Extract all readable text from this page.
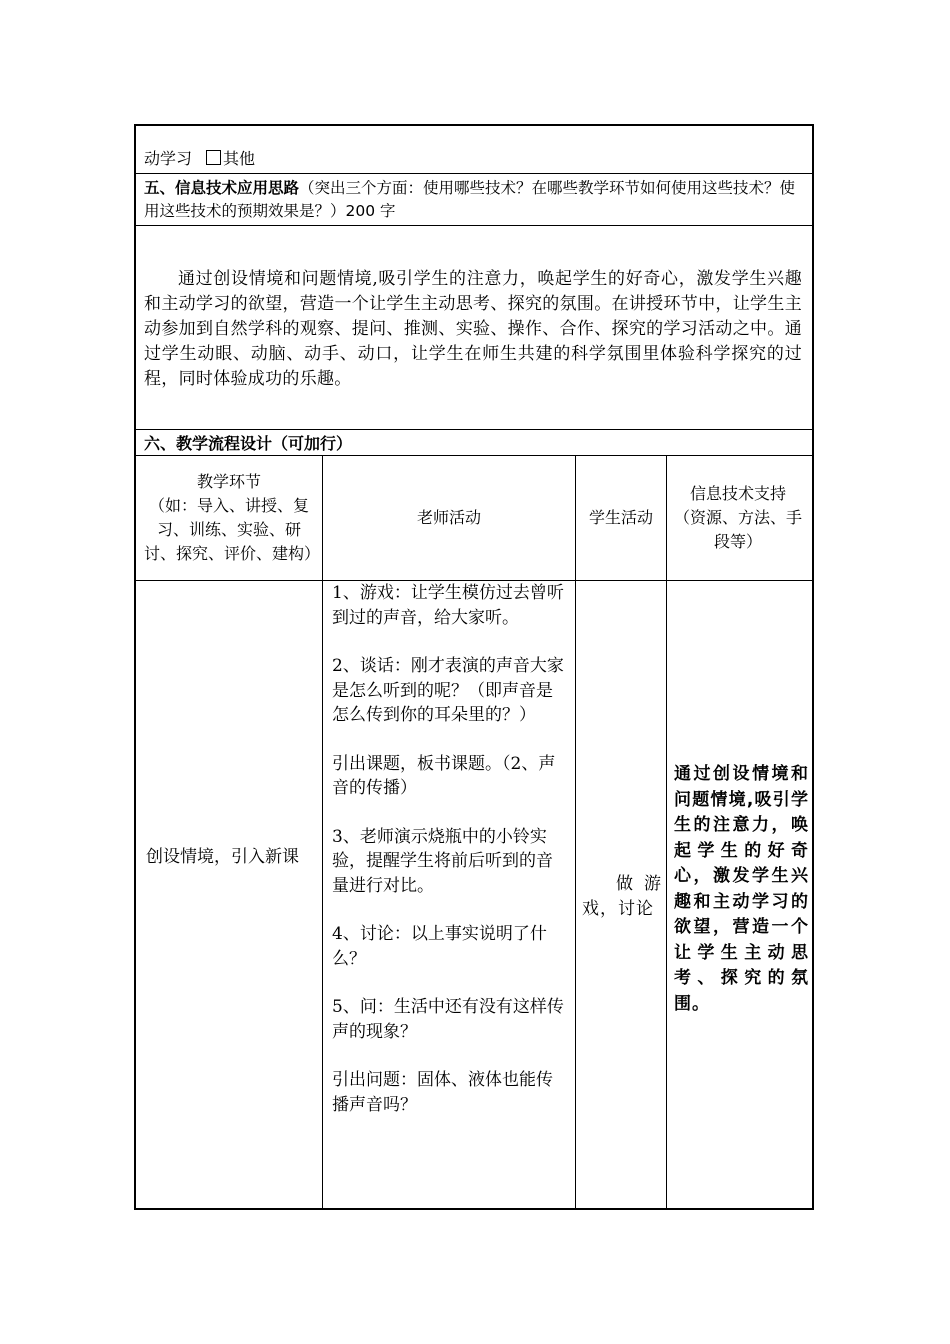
动学习 其他
五、信息技术应用思路（突出三个方面：使用哪些技术？在哪些教学环节如何使用这些技术？使用这些技术的预期效果是？）200 字
通过创设情境和问题情境,吸引学生的注意力，唤起学生的好奇心，激发学生兴趣和主动学习的欲望，营造一个让学生主动思考、探究的氛围。在讲授环节中，让学生主动参加到自然学科的观察、提问、推测、实验、操作、合作、探究的学习活动之中。通过学生动眼、动脑、动手、动口，让学生在师生共建的科学氛围里体验科学探究的过程，同时体验成功的乐趣。
六、教学流程设计（可加行）
教学环节
（如：导入、讲授、复习、训练、实验、研讨、探究、评价、建构）
老师活动	学生活动
信息技术支持
（资源、方法、手段等）
创设情境，引入新课
1、游戏：让学生模仿过去曾听到过的声音，给大家听。
2、谈话：刚才表演的声音大家是怎么听到的呢？（即声音是怎么传到你的耳朵里的？）
引出课题，板书课题。（2、声音的传播）
3、老师演示烧瓶中的小铃实验，提醒学生将前后听到的音量进行对比。
4、讨论：以上事实说明了什么？
5、问：生活中还有没有这样传声的现象？
引出问题：固体、液体也能传播声音吗？
做游戏，讨论
通过创设情境和问题情境,吸引学生的注意力，唤起学生的好奇心，激发学生兴趣和主动学习的欲望，营造一个让学生主动思考、探究的氛围。
